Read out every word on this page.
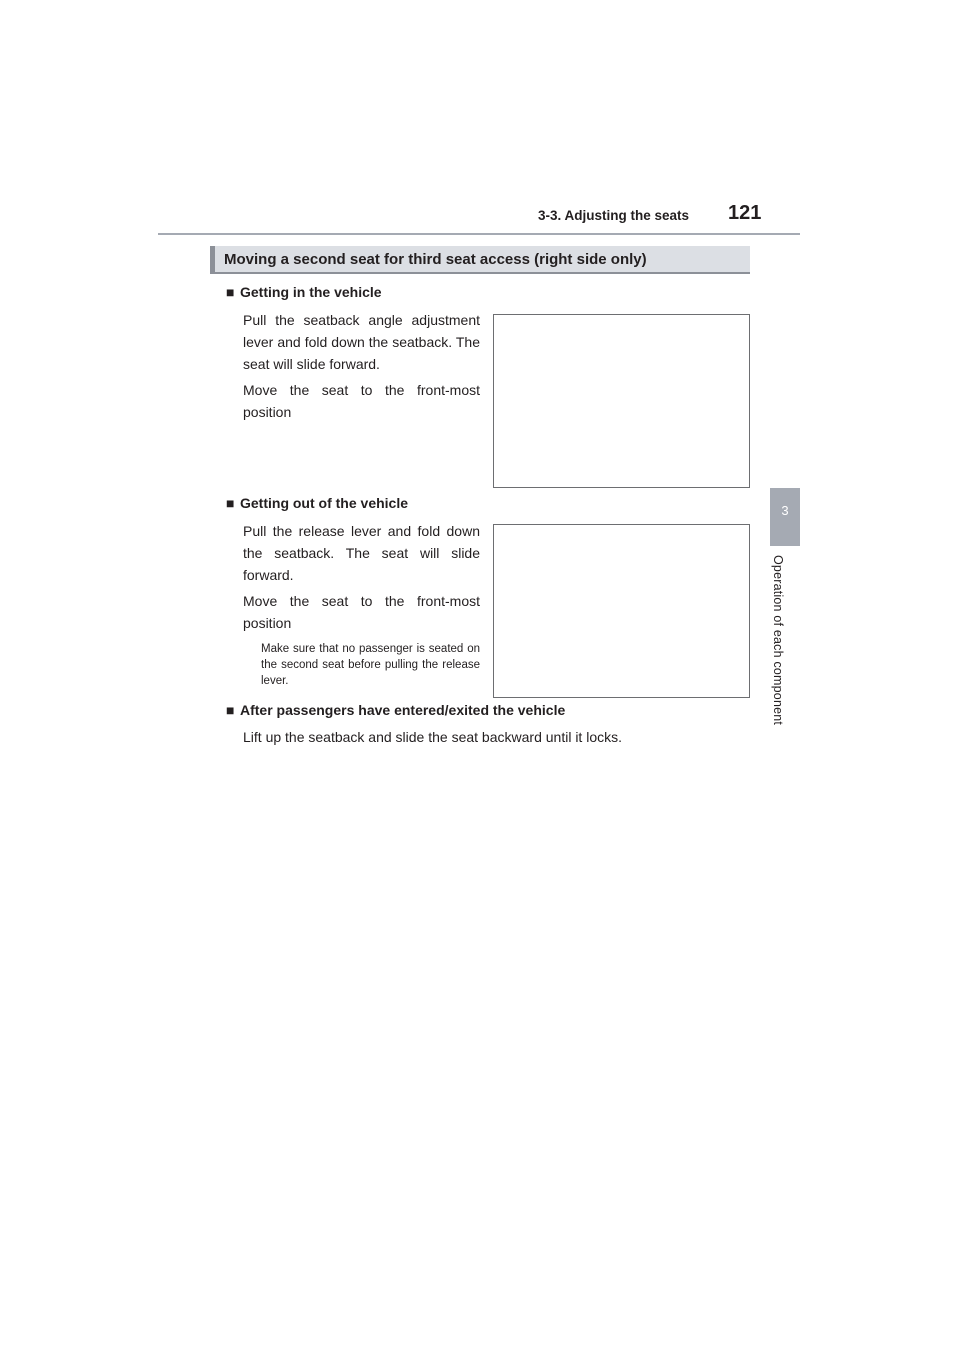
3-3. Adjusting the seats 121
3
Operation of each component
Moving a second seat for third seat access (right side only)
■ Getting in the vehicle
Pull the seatback angle adjustment lever and fold down the seatback. The seat will slide forward.
Move the seat to the front-most position
■ Getting out of the vehicle
Pull the release lever and fold down the seatback. The seat will slide forward.
Move the seat to the front-most position
Make sure that no passenger is seated on the second seat before pulling the release lever.
■ After passengers have entered/exited the vehicle
Lift up the seatback and slide the seat backward until it locks.
